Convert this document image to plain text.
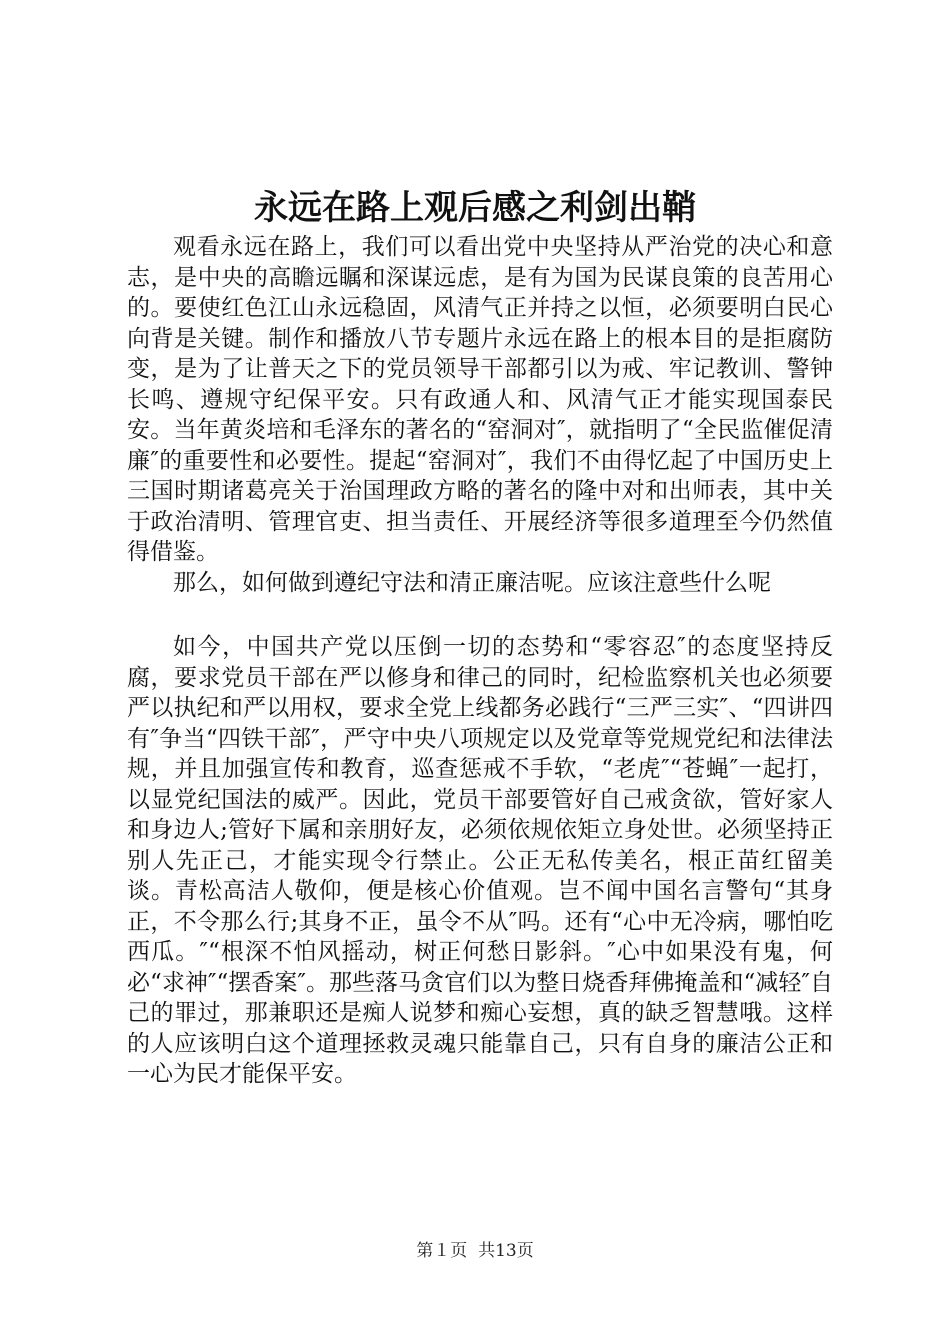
永远在路上观后感之利剑出鞘

观看永远在路上，我们可以看出党中央坚持从严治党的决心和意志，是中央的高瞻远瞩和深谋远虑，是有为国为民谋良策的良苦用心的。要使红色江山永远稳固，风清气正并持之以恒，必须要明白民心向背是关键。制作和播放八节专题片永远在路上的根本目的是拒腐防变，是为了让普天之下的党员领导干部都引以为戒、牢记教训、警钟长鸣、遵规守纪保平安。只有政通人和、风清气正才能实现国泰民安。当年黄炎培和毛泽东的著名的“窑洞对″，就指明了“全民监催促清廉″的重要性和必要性。提起“窑洞对″，我们不由得忆起了中国历史上三国时期诸葛亮关于治国理政方略的著名的隆中对和出师表，其中关于政治清明、管理官吏、担当责任、开展经济等很多道理至今仍然值得借鉴。

那么，如何做到遵纪守法和清正廉洁呢。应该注意些什么呢

如今，中国共产党以压倒一切的态势和“零容忍″的态度坚持反腐，要求党员干部在严以修身和律己的同时，纪检监察机关也必须要严以执纪和严以用权，要求全党上线都务必践行“三严三实″、“四讲四有″争当“四铁干部″，严守中央八项规定以及党章等党规党纪和法律法规，并且加强宣传和教育，巡查惩戒不手软，“老虎″“苍蝇″一起打，以显党纪国法的威严。因此，党员干部要管好自己戒贪欲，管好家人和身边人;管好下属和亲朋好友，必须依规依矩立身处世。必须坚持正别人先正己，才能实现令行禁止。公正无私传美名，根正苗红留美谈。青松高洁人敬仰，便是核心价值观。岂不闻中国名言警句“其身正，不令那么行;其身不正，虽令不从″吗。还有“心中无冷病，哪怕吃西瓜。″“根深不怕风摇动，树正何愁日影斜。″心中如果没有鬼，何必“求神″“摆香案″。那些落马贪官们以为整日烧香拜佛掩盖和“减轻″自己的罪过，那兼职还是痴人说梦和痴心妄想，真的缺乏智慧哦。这样的人应该明白这个道理拯救灵魂只能靠自己，只有自身的廉洁公正和一心为民才能保平安。

第１页 共13页
